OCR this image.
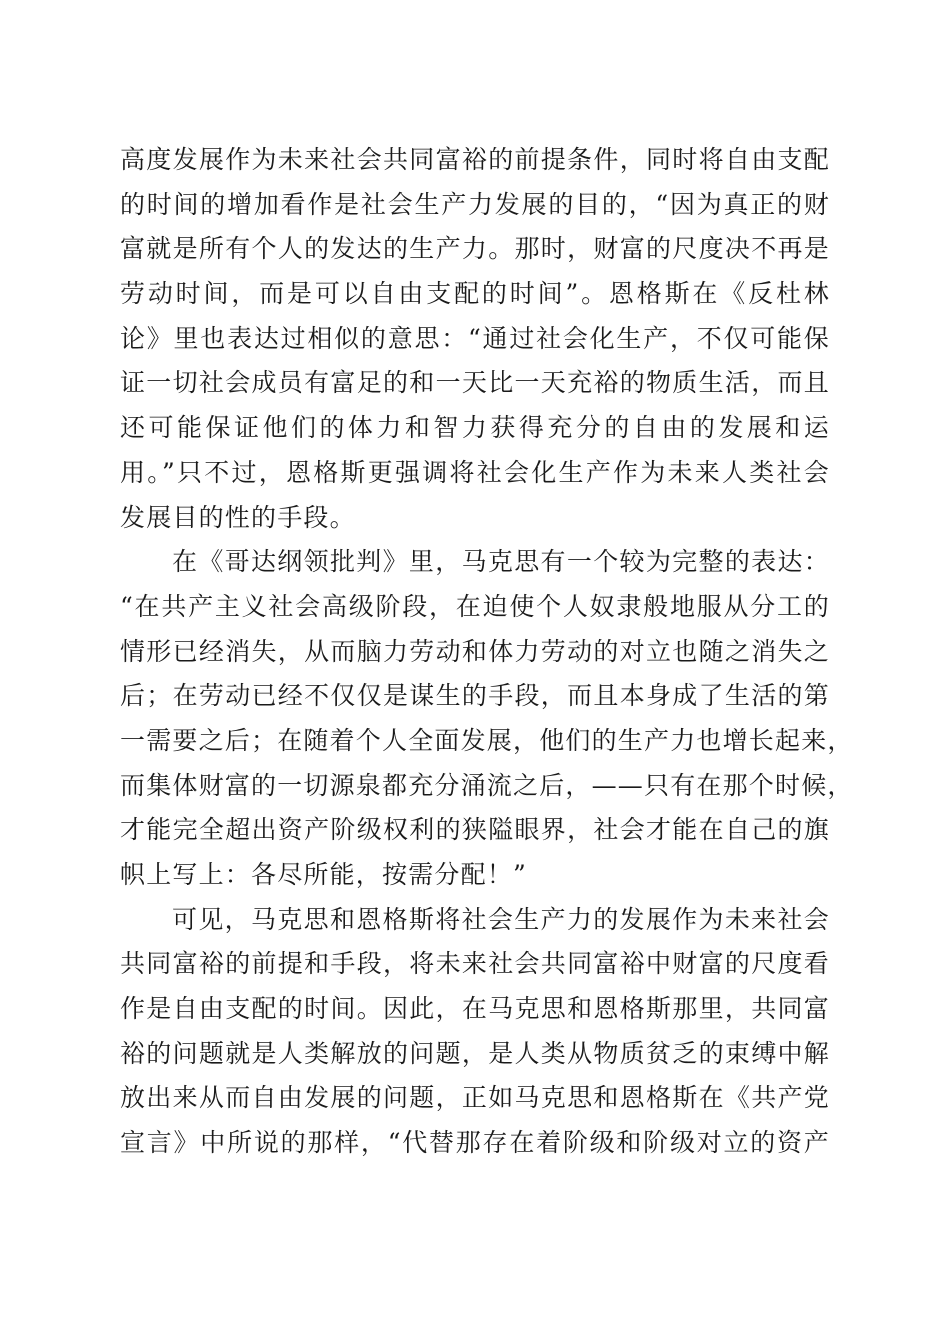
高度发展作为未来社会共同富裕的前提条件，同时将自由支配
的时间的增加看作是社会生产力发展的目的，“因为真正的财
富就是所有个人的发达的生产力。那时，财富的尺度决不再是
劳动时间，而是可以自由支配的时间”。恩格斯在《反杜林
论》里也表达过相似的意思：“通过社会化生产，不仅可能保
证一切社会成员有富足的和一天比一天充裕的物质生活，而且
还可能保证他们的体力和智力获得充分的自由的发展和运
用。”只不过，恩格斯更强调将社会化生产作为未来人类社会
发展目的性的手段。
在《哥达纲领批判》里，马克思有一个较为完整的表达：
“在共产主义社会高级阶段，在迫使个人奴隶般地服从分工的
情形已经消失，从而脑力劳动和体力劳动的对立也随之消失之
后；在劳动已经不仅仅是谋生的手段，而且本身成了生活的第
一需要之后；在随着个人全面发展，他们的生产力也增长起来，
而集体财富的一切源泉都充分涌流之后，——只有在那个时候，
才能完全超出资产阶级权利的狭隘眼界，社会才能在自己的旗
帜上写上：各尽所能，按需分配！”
可见，马克思和恩格斯将社会生产力的发展作为未来社会
共同富裕的前提和手段，将未来社会共同富裕中财富的尺度看
作是自由支配的时间。因此，在马克思和恩格斯那里，共同富
裕的问题就是人类解放的问题，是人类从物质贫乏的束缚中解
放出来从而自由发展的问题，正如马克思和恩格斯在《共产党
宣言》中所说的那样，“代替那存在着阶级和阶级对立的资产
